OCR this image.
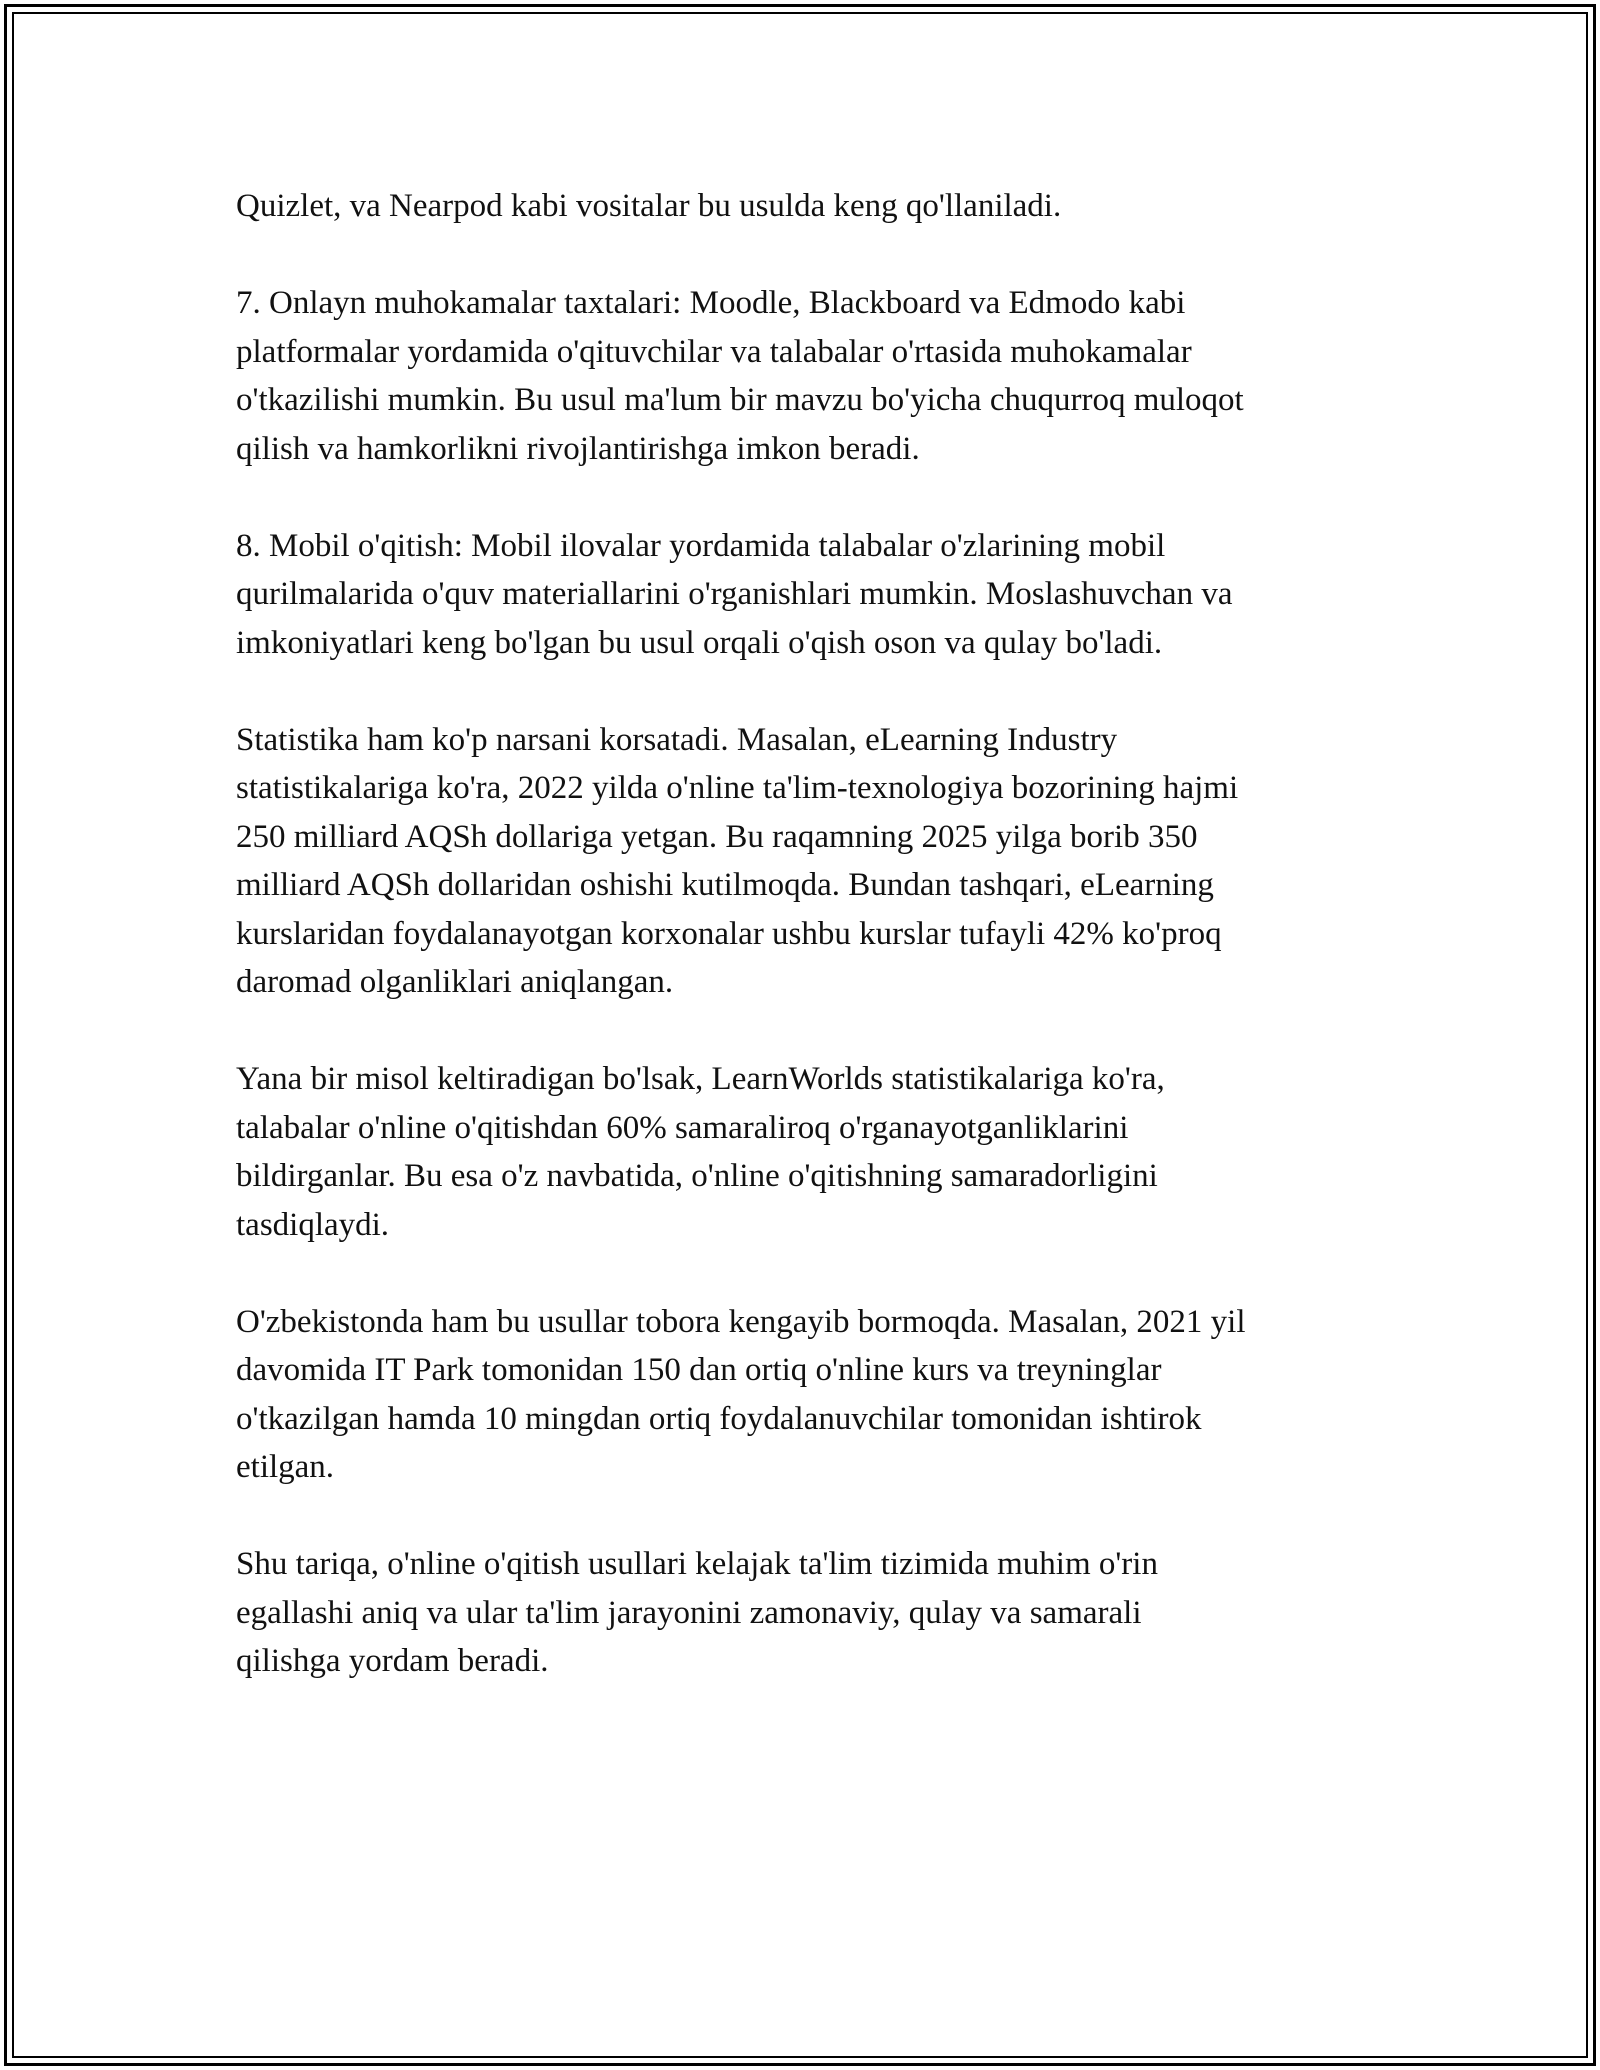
Quizlet, va Nearpod kabi vositalar bu usulda keng qo'llaniladi.

7. Onlayn muhokamalar taxtalari: Moodle, Blackboard va Edmodo kabi
platformalar yordamida o'qituvchilar va talabalar o'rtasida muhokamalar
o'tkazilishi mumkin. Bu usul ma'lum bir mavzu bo'yicha chuqurroq muloqot
qilish va hamkorlikni rivojlantirishga imkon beradi.

8. Mobil o'qitish: Mobil ilovalar yordamida talabalar o'zlarining mobil
qurilmalarida o'quv materiallarini o'rganishlari mumkin. Moslashuvchan va
imkoniyatlari keng bo'lgan bu usul orqali o'qish oson va qulay bo'ladi.

Statistika ham ko'p narsani korsatadi. Masalan, eLearning Industry
statistikalariga ko'ra, 2022 yilda o'nline ta'lim-texnologiya bozorining hajmi
250 milliard AQSh dollariga yetgan. Bu raqamning 2025 yilga borib 350
milliard AQSh dollaridan oshishi kutilmoqda. Bundan tashqari, eLearning
kurslaridan foydalanayotgan korxonalar ushbu kurslar tufayli 42% ko'proq
daromad olganliklari aniqlangan.

Yana bir misol keltiradigan bo'lsak, LearnWorlds statistikalariga ko'ra,
talabalar o'nline o'qitishdan 60% samaraliroq o'rganayotganliklarini
bildirganlar. Bu esa o'z navbatida, o'nline o'qitishning samaradorligini
tasdiqlaydi.

O'zbekistonda ham bu usullar tobora kengayib bormoqda. Masalan, 2021 yil
davomida IT Park tomonidan 150 dan ortiq o'nline kurs va treyninglar
o'tkazilgan hamda 10 mingdan ortiq foydalanuvchilar tomonidan ishtirok
etilgan.

Shu tariqa, o'nline o'qitish usullari kelajak ta'lim tizimida muhim o'rin
egallashi aniq va ular ta'lim jarayonini zamonaviy, qulay va samarali
qilishga yordam beradi.
